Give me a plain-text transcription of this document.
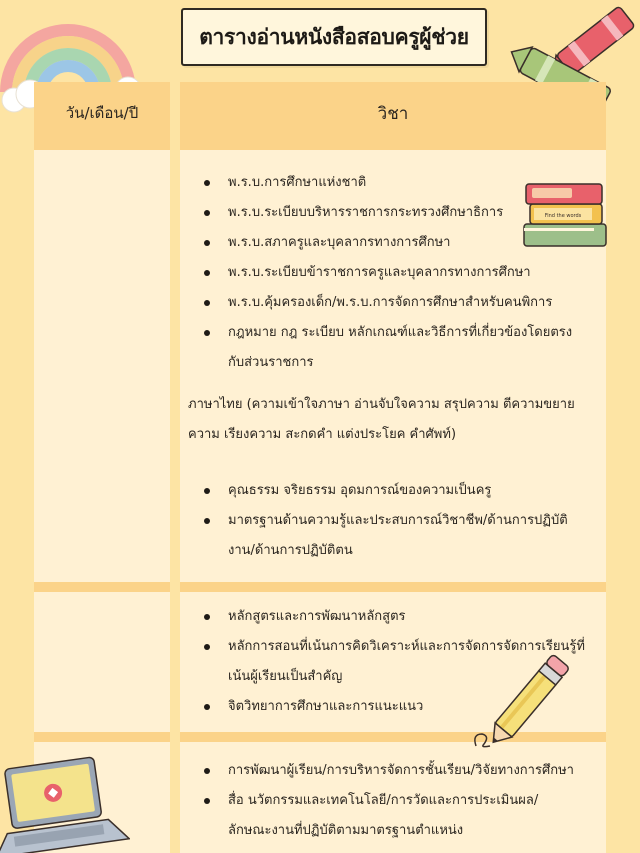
ตารางอ่านหนังสือสอบครูผู้ช่วย
วัน/เดือน/ปี	วิชา
พ.ร.บ.การศึกษาแห่งชาติ
พ.ร.บ.ระเบียบบริหารราชการกระทรวงศึกษาธิการ
พ.ร.บ.สภาครูและบุคลากรทางการศึกษา
พ.ร.บ.ระเบียบข้าราชการครูและบุคลากรทางการศึกษา
พ.ร.บ.คุ้มครองเด็ก/พ.ร.บ.การจัดการศึกษาสำหรับคนพิการ
กฎหมาย กฎ ระเบียบ หลักเกณฑ์และวิธีการที่เกี่ยวข้องโดยตรงกับส่วนราชการ

ภาษาไทย (ความเข้าใจภาษา อ่านจับใจความ สรุปความ ตีความขยายความ เรียงความ สะกดคำ แต่งประโยค คำศัพท์)

คุณธรรม จริยธรรม อุดมการณ์ของความเป็นครู
มาตรฐานด้านความรู้และประสบการณ์วิชาชีพ/ด้านการปฏิบัติงาน/ด้านการปฏิบัติตน
หลักสูตรและการพัฒนาหลักสูตร
หลักการสอนที่เน้นการคิดวิเคราะห์และการจัดการจัดการเรียนรู้ที่เน้นผู้เรียนเป็นสำคัญ
จิตวิทยาการศึกษาและการแนะแนว
การพัฒนาผู้เรียน/การบริหารจัดการชั้นเรียน/วิจัยทางการศึกษา
สื่อ นวัตกรรมและเทคโนโลยี/การวัดและการประเมินผล/ลักษณะงานที่ปฏิบัติตามมาตรฐานตำแหน่ง
Find the words
